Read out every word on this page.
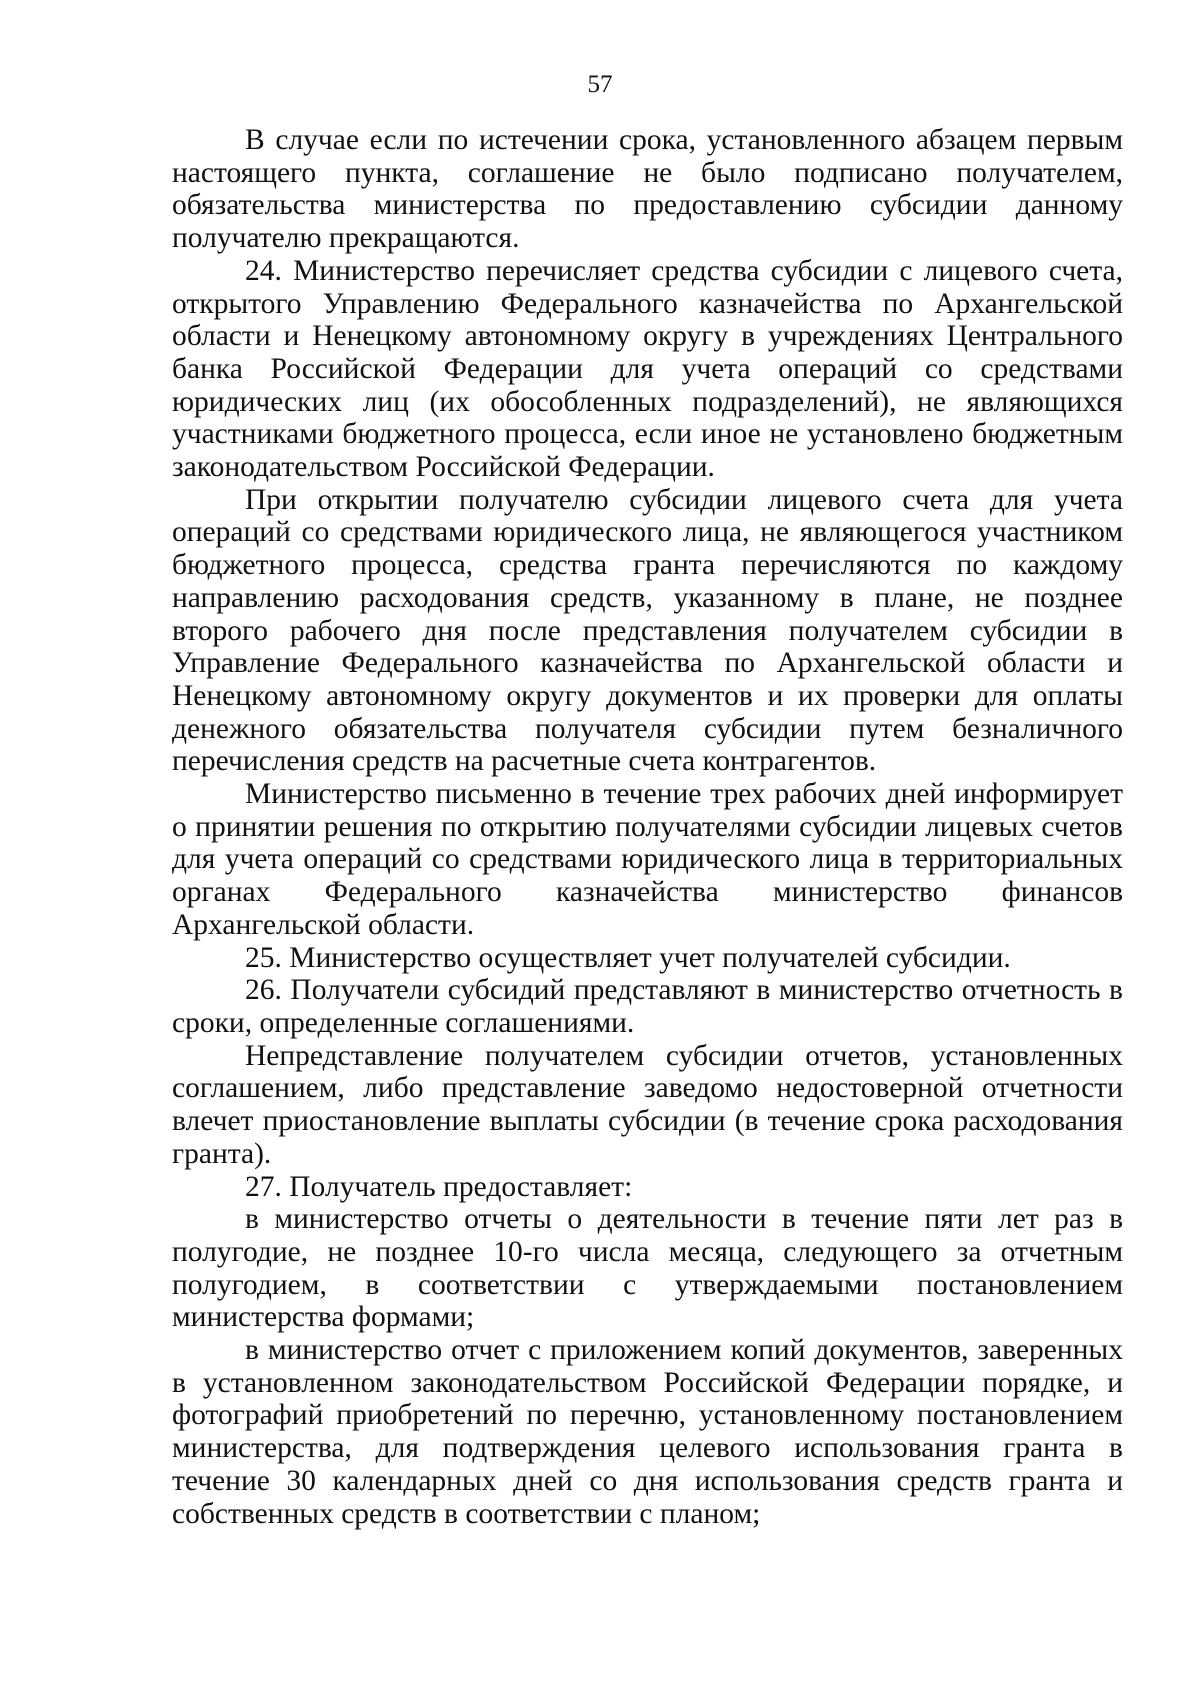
57

В случае если по истечении срока, установленного абзацем первым настоящего пункта, соглашение не было подписано получателем, обязательства министерства по предоставлению субсидии данному получателю прекращаются.

24. Министерство перечисляет средства субсидии с лицевого счета, открытого Управлению Федерального казначейства по Архангельской области и Ненецкому автономному округу в учреждениях Центрального банка Российской Федерации для учета операций со средствами юридических лиц (их обособленных подразделений), не являющихся участниками бюджетного процесса, если иное не установлено бюджетным законодательством Российской Федерации.

При открытии получателю субсидии лицевого счета для учета операций со средствами юридического лица, не являющегося участником бюджетного процесса, средства гранта перечисляются по каждому направлению расходования средств, указанному в плане, не позднее второго рабочего дня после представления получателем субсидии в Управление Федерального казначейства по Архангельской области и Ненецкому автономному округу документов и их проверки для оплаты денежного обязательства получателя субсидии путем безналичного перечисления средств на расчетные счета контрагентов.

Министерство письменно в течение трех рабочих дней информирует о принятии решения по открытию получателями субсидии лицевых счетов для учета операций со средствами юридического лица в территориальных органах Федерального казначейства министерство финансов Архангельской области.

25. Министерство осуществляет учет получателей субсидии.

26. Получатели субсидий представляют в министерство отчетность в сроки, определенные соглашениями.

Непредставление получателем субсидии отчетов, установленных соглашением, либо представление заведомо недостоверной отчетности влечет приостановление выплаты субсидии (в течение срока расходования гранта).

27. Получатель предоставляет:

в министерство отчеты о деятельности в течение пяти лет раз в полугодие, не позднее 10-го числа месяца, следующего за отчетным полугодием, в соответствии с утверждаемыми постановлением министерства формами;

в министерство отчет с приложением копий документов, заверенных в установленном законодательством Российской Федерации порядке, и фотографий приобретений по перечню, установленному постановлением министерства, для подтверждения целевого использования гранта в течение 30 календарных дней со дня использования средств гранта и собственных средств в соответствии с планом;
